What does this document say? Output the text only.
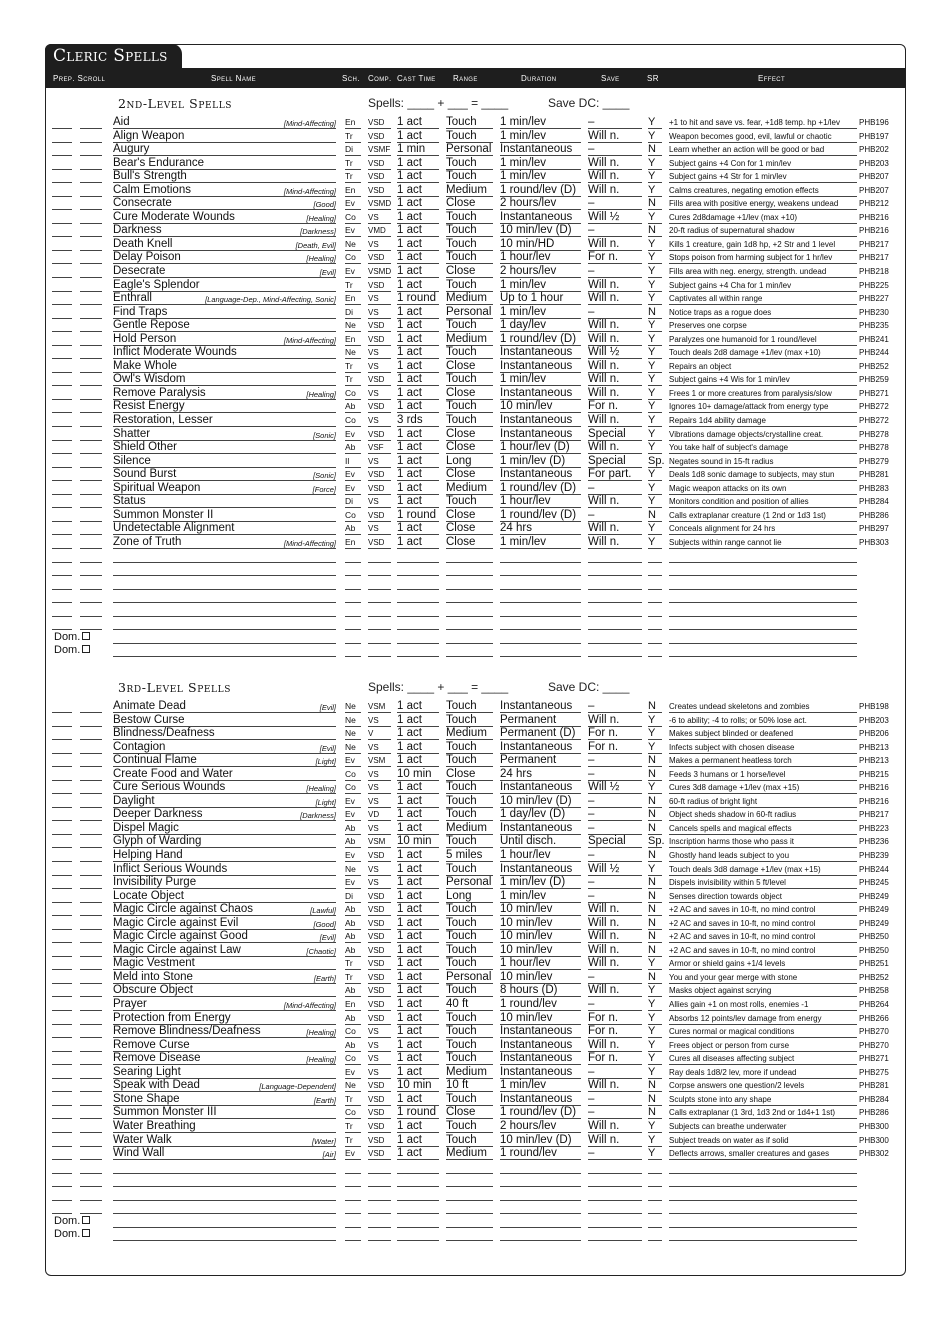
Cleric Spells
Prep. Scroll	Spell Name	Sch. Comp. Cast Time Range	Duration	Save	SR	Effect
2nd-Level Spells	Spells: ____ + ___ = ____	Save DC: ____
Aid	[Mind-Affecting] En	VSD	1 act	Touch	1 min/lev	–	Y	+1 to hit and save vs. fear, +1d8 temp. hp +1/lev	PHB196
Align Weapon	Tr	VSD	1 act	Touch	1 min/lev	Will n.	Y	Weapon becomes good, evil, lawful or chaotic	PHB197
Augury	Di	VSMF 1 min	Personal Instantaneous	–	N	Learn whether an action will be good or bad	PHB202
Bear's Endurance	Tr	VSD	1 act	Touch	1 min/lev	Will n.	Y	Subject gains +4 Con for 1 min/lev	PHB203
Bull's Strength	Tr	VSD	1 act	Touch	1 min/lev	Will n.	Y	Subject gains +4 Str for 1 min/lev	PHB207
Calm Emotions	[Mind-Affecting] En	VSD	1 act	Medium	1 round/lev (D)	Will n.	Y	Calms creatures, negating emotion effects	PHB207
Consecrate	[Good] Ev	VSMD 1 act	Close	2 hours/lev	–	N	Fills area with positive energy, weakens undead	PHB212
Cure Moderate Wounds	[Healing] Co	VS	1 act	Touch	Instantaneous	Will ½	Y	Cures 2d8damage +1/lev (max +10)	PHB216
Darkness	[Darkness] Ev	VMD 1 act	Touch	10 min/lev (D)	–	N	20-ft radius of supernatural shadow	PHB216
Death Knell	[Death, Evil] Ne	VS	1 act	Touch	10 min/HD	Will n.	Y	Kills 1 creature, gain 1d8 hp, +2 Str and 1 level	PHB217
Delay Poison	[Healing] Co	VSD	1 act	Touch	1 hour/lev	For n.	Y	Stops poison from harming subject for 1 hr/lev	PHB217
Desecrate	[Evil] Ev	VSMD 1 act	Close	2 hours/lev	–	Y	Fills area with neg. energy, strength. undead	PHB218
Eagle's Splendor	Tr	VSD	1 act	Touch	1 min/lev	Will n.	Y	Subject gains +4 Cha for 1 min/lev	PHB225
Enthrall	[Language-Dep., Mind-Affecting, Sonic] En	VS	1 round Medium	Up to 1 hour	Will n.	Y	Captivates all within range	PHB227
Find Traps	Di	VS	1 act	Personal 1 min/lev	–	N	Notice traps as a rogue does	PHB230
Gentle Repose	Ne	VSD	1 act	Touch	1 day/lev	Will n.	Y	Preserves one corpse	PHB235
Hold Person	[Mind-Affecting] En	VSD	1 act	Medium	1 round/lev (D)	Will n.	Y	Paralyzes one humanoid for 1 round/level	PHB241
Inflict Moderate Wounds	Ne	VS	1 act	Touch	Instantaneous	Will ½	Y	Touch deals 2d8 damage +1/lev (max +10)	PHB244
Make Whole	Tr	VS	1 act	Close	Instantaneous	Will n.	Y	Repairs an object	PHB252
Owl's Wisdom	Tr	VSD	1 act	Touch	1 min/lev	Will n.	Y	Subject gains +4 Wis for 1 min/lev	PHB259
Remove Paralysis	[Healing] Co	VS	1 act	Close	Instantaneous	Will n.	Y	Frees 1 or more creatures from paralysis/slow	PHB271
Resist Energy	Ab	VSD	1 act	Touch	10 min/lev	For n.	Y	Ignores 10+ damage/attack from energy type	PHB272
Restoration, Lesser	Co	VS	3 rds	Touch	Instantaneous	Will n.	Y	Repairs 1d4 ability damage	PHB272
Shatter	[Sonic] Ev	VSD	1 act	Close	Instantaneous	Special	Y	Vibrations damage objects/crystalline creat.	PHB278
Shield Other	Ab	VSF	1 act	Close	1 hour/lev (D)	Will n.	Y	You take half of subject's damage	PHB278
Silence	Il	VS	1 act	Long	1 min/lev (D)	Special	Sp. Negates sound in 15-ft radius	PHB279
Sound Burst	[Sonic] Ev	VSD	1 act	Close	Instantaneous	For part.	Y	Deals 1d8 sonic damage to subjects, may stun	PHB281
Spiritual Weapon	[Force] Ev	VSD	1 act	Medium	1 round/lev (D)	–	Y	Magic weapon attacks on its own	PHB283
Status	Di	VS	1 act	Touch	1 hour/lev	Will n.	Y	Monitors condition and position of allies	PHB284
Summon Monster II	Co	VSD	1 round Close	1 round/lev (D)	–	N	Calls extraplanar creature (1 2nd or 1d3 1st)	PHB286
Undetectable Alignment	Ab	VS	1 act	Close	24 hrs	Will n.	Y	Conceals alignment for 24 hrs	PHB297
Zone of Truth	[Mind-Affecting] En	VSD	1 act	Close	1 min/lev	Will n.	Y	Subjects within range cannot lie	PHB303
Dom.
Dom.
3rd-Level Spells	Spells: ____ + ___ = ____	Save DC: ____
Animate Dead	[Evil] Ne	VSM	1 act	Touch	Instantaneous	–	N	Creates undead skeletons and zombies	PHB198
Bestow Curse	Ne	VS	1 act	Touch	Permanent	Will n.	Y	-6 to ability; -4 to rolls; or 50% lose act.	PHB203
Blindness/Deafness	Ne	V	1 act	Medium	Permanent (D)	For n.	Y	Makes subject blinded or deafened	PHB206
Contagion	[Evil] Ne	VS	1 act	Touch	Instantaneous	For n.	Y	Infects subject with chosen disease	PHB213
Continual Flame	[Light] Ev	VSM	1 act	Touch	Permanent	–	N	Makes a permanent heatless torch	PHB213
Create Food and Water	Co	VS	10 min	Close	24 hrs	–	N	Feeds 3 humans or 1 horse/level	PHB215
Cure Serious Wounds	[Healing] Co	VS	1 act	Touch	Instantaneous	Will ½	Y	Cures 3d8 damage +1/lev (max +15)	PHB216
Daylight	[Light] Ev	VS	1 act	Touch	10 min/lev (D)	–	N	60-ft radius of bright light	PHB216
Deeper Darkness	[Darkness] Ev	VD	1 act	Touch	1 day/lev (D)	–	N	Object sheds shadow in 60-ft radius	PHB217
Dispel Magic	Ab	VS	1 act	Medium	Instantaneous	–	N	Cancels spells and magical effects	PHB223
Glyph of Warding	Ab	VSM	10 min	Touch	Until disch.	Special	Sp. Inscription harms those who pass it	PHB236
Helping Hand	Ev	VSD	1 act	5 miles	1 hour/lev	–	N	Ghostly hand leads subject to you	PHB239
Inflict Serious Wounds	Ne	VS	1 act	Touch	Instantaneous	Will ½	Y	Touch deals 3d8 damage +1/lev (max +15)	PHB244
Invisibility Purge	Ev	VS	1 act	Personal 1 min/lev (D)	–	N	Dispels invisibility within 5 ft/level	PHB245
Locate Object	Di	VSD	1 act	Long	1 min/lev	–	N	Senses direction towards object	PHB249
Magic Circle against Chaos	[Lawful] Ab	VSD	1 act	Touch	10 min/lev	Will n.	N	+2 AC and saves in 10-ft, no mind control	PHB249
Magic Circle against Evil	[Good] Ab	VSD	1 act	Touch	10 min/lev	Will n.	N	+2 AC and saves in 10-ft, no mind control	PHB249
Magic Circle against Good	[Evil] Ab	VSD	1 act	Touch	10 min/lev	Will n.	N	+2 AC and saves in 10-ft, no mind control	PHB250
Magic Circle against Law	[Chaotic] Ab	VSD	1 act	Touch	10 min/lev	Will n.	N	+2 AC and saves in 10-ft, no mind control	PHB250
Magic Vestment	Tr	VSD	1 act	Touch	1 hour/lev	Will n.	Y	Armor or shield gains +1/4 levels	PHB251
Meld into Stone	[Earth] Tr	VSD	1 act	Personal 10 min/lev	–	N	You and your gear merge with stone	PHB252
Obscure Object	Ab	VSD	1 act	Touch	8 hours (D)	Will n.	Y	Masks object against scrying	PHB258
Prayer	[Mind-Affecting] En	VSD	1 act	40 ft	1 round/lev	–	Y	Allies gain +1 on most rolls, enemies -1	PHB264
Protection from Energy	Ab	VSD	1 act	Touch	10 min/lev	For n.	Y	Absorbs 12 points/lev damage from energy	PHB266
Remove Blindness/Deafness	[Healing] Co	VS	1 act	Touch	Instantaneous	For n.	Y	Cures normal or magical conditions	PHB270
Remove Curse	Ab	VS	1 act	Touch	Instantaneous	Will n.	Y	Frees object or person from curse	PHB270
Remove Disease	[Healing] Co	VS	1 act	Touch	Instantaneous	For n.	Y	Cures all diseases affecting subject	PHB271
Searing Light	Ev	VS	1 act	Medium	Instantaneous	–	Y	Ray deals 1d8/2 lev, more if undead	PHB275
Speak with Dead	[Language-Dependent] Ne	VSD	10 min	10 ft	1 min/lev	Will n.	N	Corpse answers one question/2 levels	PHB281
Stone Shape	[Earth] Tr	VSD	1 act	Touch	Instantaneous	–	N	Sculpts stone into any shape	PHB284
Summon Monster III	Co	VSD	1 round Close	1 round/lev (D)	–	N	Calls extraplanar (1 3rd, 1d3 2nd or 1d4+1 1st)	PHB286
Water Breathing	Tr	VSD	1 act	Touch	2 hours/lev	Will n.	Y	Subjects can breathe underwater	PHB300
Water Walk	[Water] Tr	VSD	1 act	Touch	10 min/lev (D)	Will n.	Y	Subject treads on water as if solid	PHB300
Wind Wall	[Air] Ev	VSD	1 act	Medium	1 round/lev	–	Y	Deflects arrows, smaller creatures and gases	PHB302
Dom.
Dom.
